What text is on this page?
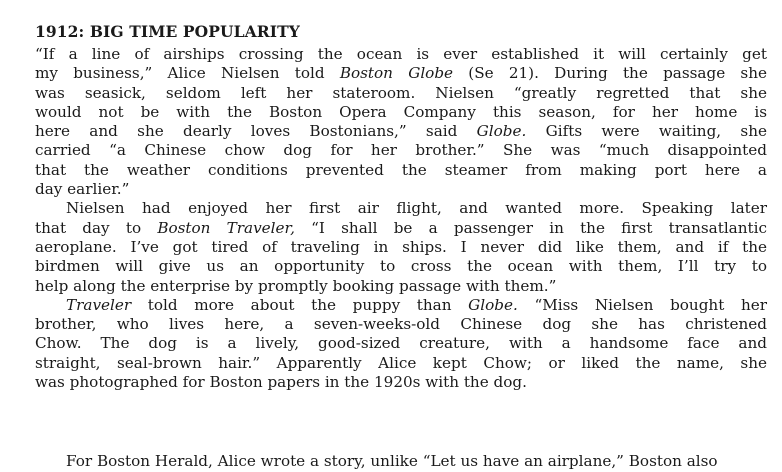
1912: BIG TIME POPULARITY
“If a line of airships crossing the ocean is ever established it will certainly get
my business,” Alice Nielsen told Boston Globe (Se 21). During the passage she
was seasick, seldom left her stateroom. Nielsen “greatly regretted that she
would not be with the Boston Opera Company this season, for her home is
here and she dearly loves Bostonians,” said Globe. Gifts were waiting, she
carried “a Chinese chow dog for her brother.” She was “much disappointed
that the weather conditions prevented the steamer from making port here a
day earlier.”
Nielsen had enjoyed her first air flight, and wanted more. Speaking later
that day to Boston Traveler, “I shall be a passenger in the first transatlantic
aeroplane. I’ve got tired of traveling in ships. I never did like them, and if the
birdmen will give us an opportunity to cross the ocean with them, I’ll try to
help along the enterprise by promptly booking passage with them.”
Traveler told more about the puppy than Globe. “Miss Nielsen bought her
brother, who lives here, a seven-weeks-old Chinese dog she has christened
Chow. The dog is a lively, good-sized creature, with a handsome face and
straight, seal-brown hair.” Apparently Alice kept Chow; or liked the name, she
was photographed for Boston papers in the 1920s with the dog.
For Boston Herald, Alice wrote a story, unlike “Let us have an airplane,” Boston also
